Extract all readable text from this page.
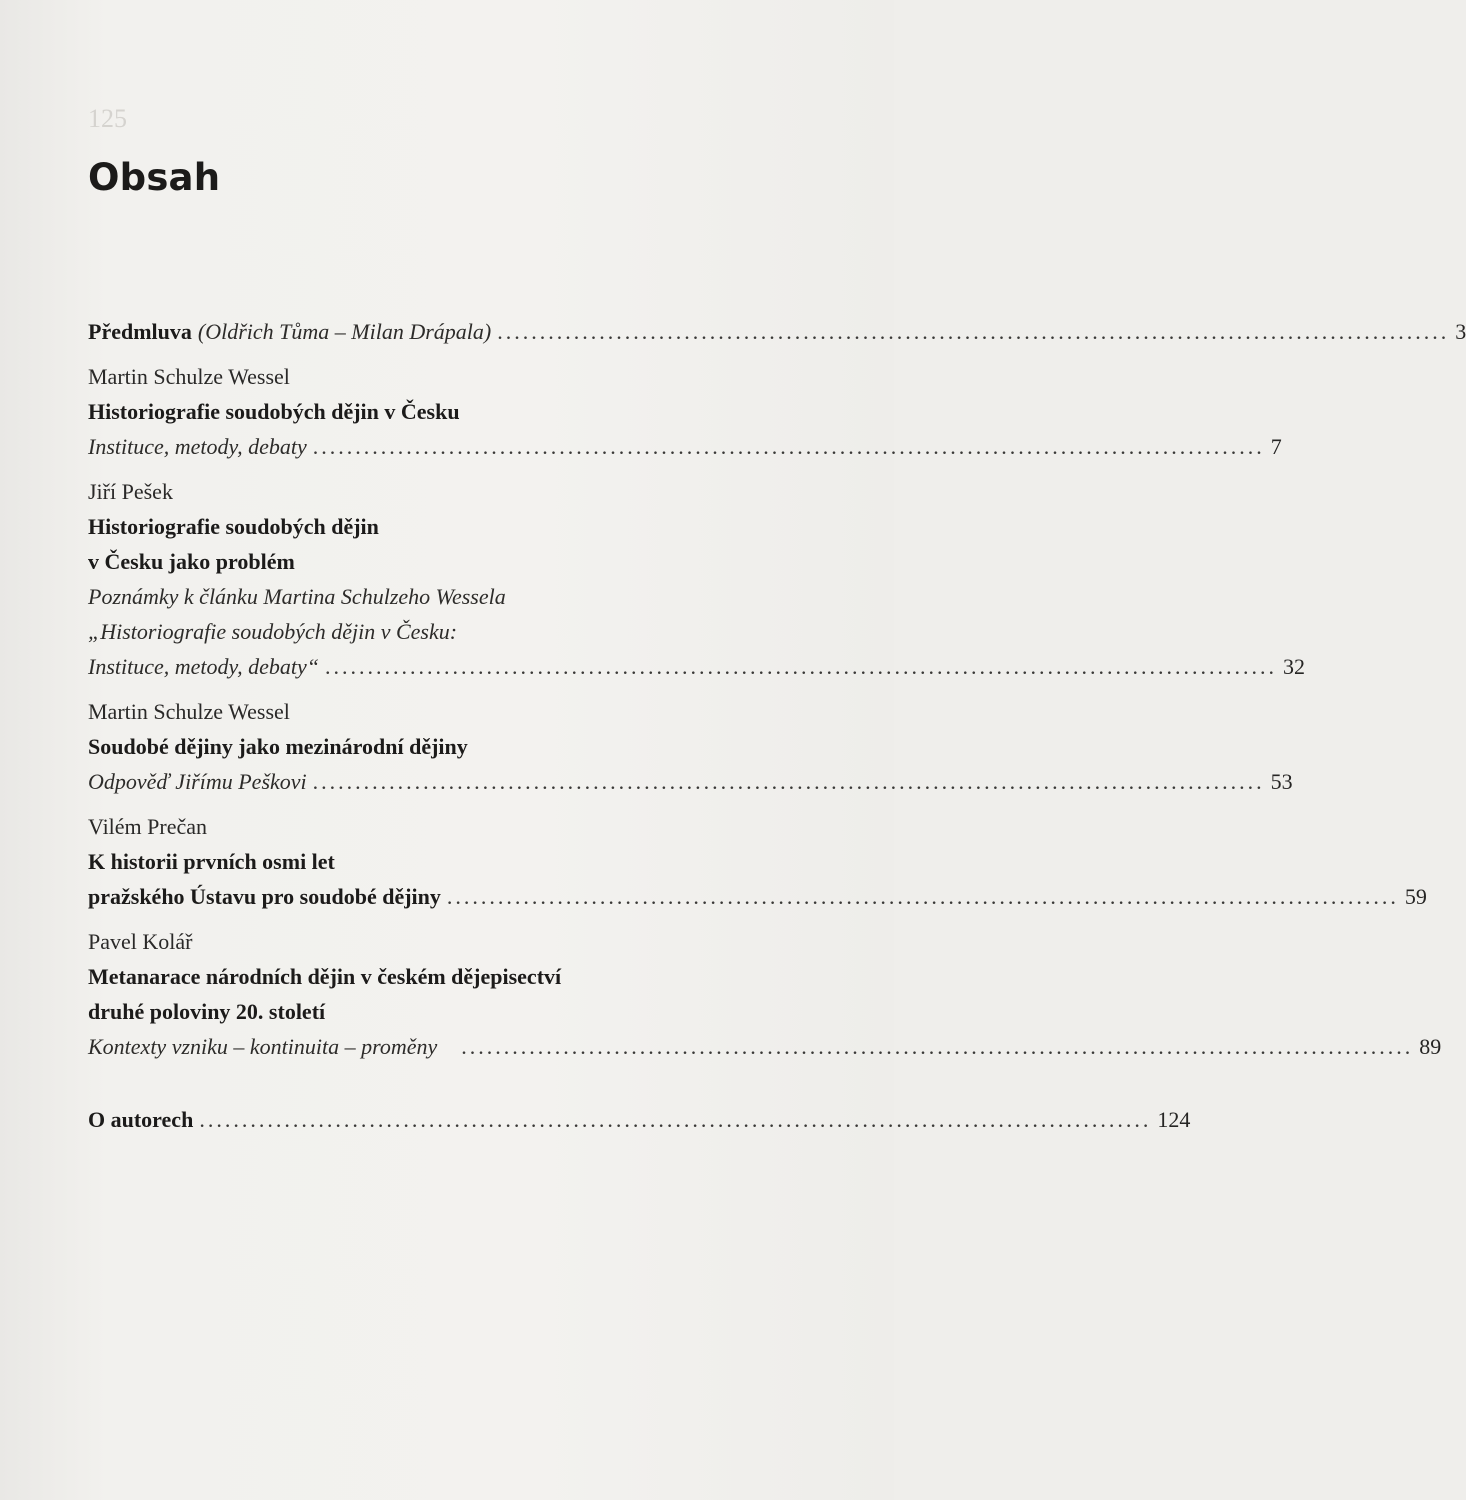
125
Obsah
Předmluva (Oldřich Tůma – Milan Drápala) ................................................................................................................ 3
Martin Schulze Wessel
Historiografie soudobých dějin v Česku
Instituce, metody, debaty ................................................................................................................ 7
Jiří Pešek
Historiografie soudobých dějin
v Česku jako problém
Poznámky k článku Martina Schulzeho Wessela
„Historiografie soudobých dějin v Česku:
Instituce, metody, debaty“ ................................................................................................................ 32
Martin Schulze Wessel
Soudobé dějiny jako mezinárodní dějiny
Odpověď Jiřímu Peškovi ................................................................................................................ 53
Vilém Prečan
K historii prvních osmi let
pražského Ústavu pro soudobé dějiny ................................................................................................................ 59
Pavel Kolář
Metanarace národních dějin v českém dějepisectví
druhé poloviny 20. století
Kontexty vzniku – kontinuita – proměny ................................................................................................................ 89
O autorech ................................................................................................................ 124
